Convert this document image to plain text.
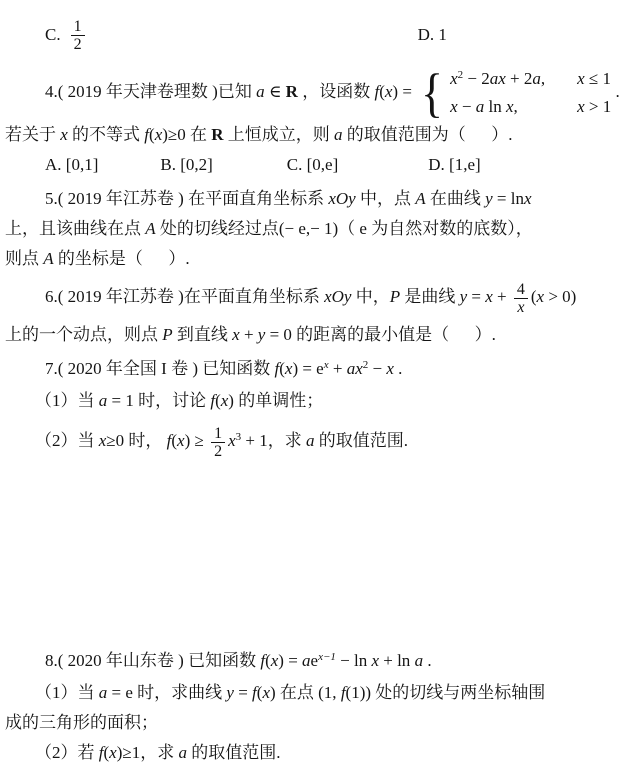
C. $\frac{1}{2}$	D. 1
4.( 2019 年天津卷理数 )已知 a ∈ R ，设函数 f(x) = { $x^2 - 2ax + 2a$, x ≤ 1
x − a ln x,	x > 1
.
若关于 x 的不等式 f(x)≥0 在 R 上恒成立，则 a 的取值范围为（      ）.
A. [0,1]	B. [0,2]	C. [0,e]	D. [1,e]
5.( 2019 年江苏卷 ) 在平面直角坐标系 xOy 中，点 A 在曲线 y = lnx
上，且该曲线在点 A 处的切线经过点(− e,− 1)（ e 为自然对数的底数），
则点 A 的坐标是（      ）.
6.( 2019 年江苏卷 )在平面直角坐标系 xOy 中，P 是曲线 $y = x + \frac{4}{x} (x > 0)$
上的一个动点，则点 P 到直线 x + y = 0 的距离的最小值是（      ）.
7.( 2020 年全国 I 卷 ) 已知函数 $f(x) = e^x + ax^2 - x$ .
（1）当 a = 1 时，讨论 f(x) 的单调性；
（2）当 x≥0 时， $f(x) \ge \frac{1}{2} x^3 + 1$，求 a 的取值范围.
8.( 2020 年山东卷 ) 已知函数 $f(x) = ae^{x-1} - \ln x + \ln a$ .
（1）当 a = e 时，求曲线 y = f(x) 在点 (1, f(1)) 处的切线与两坐标轴围
成的三角形的面积；
（2）若 f(x)≥1，求 a 的取值范围.
